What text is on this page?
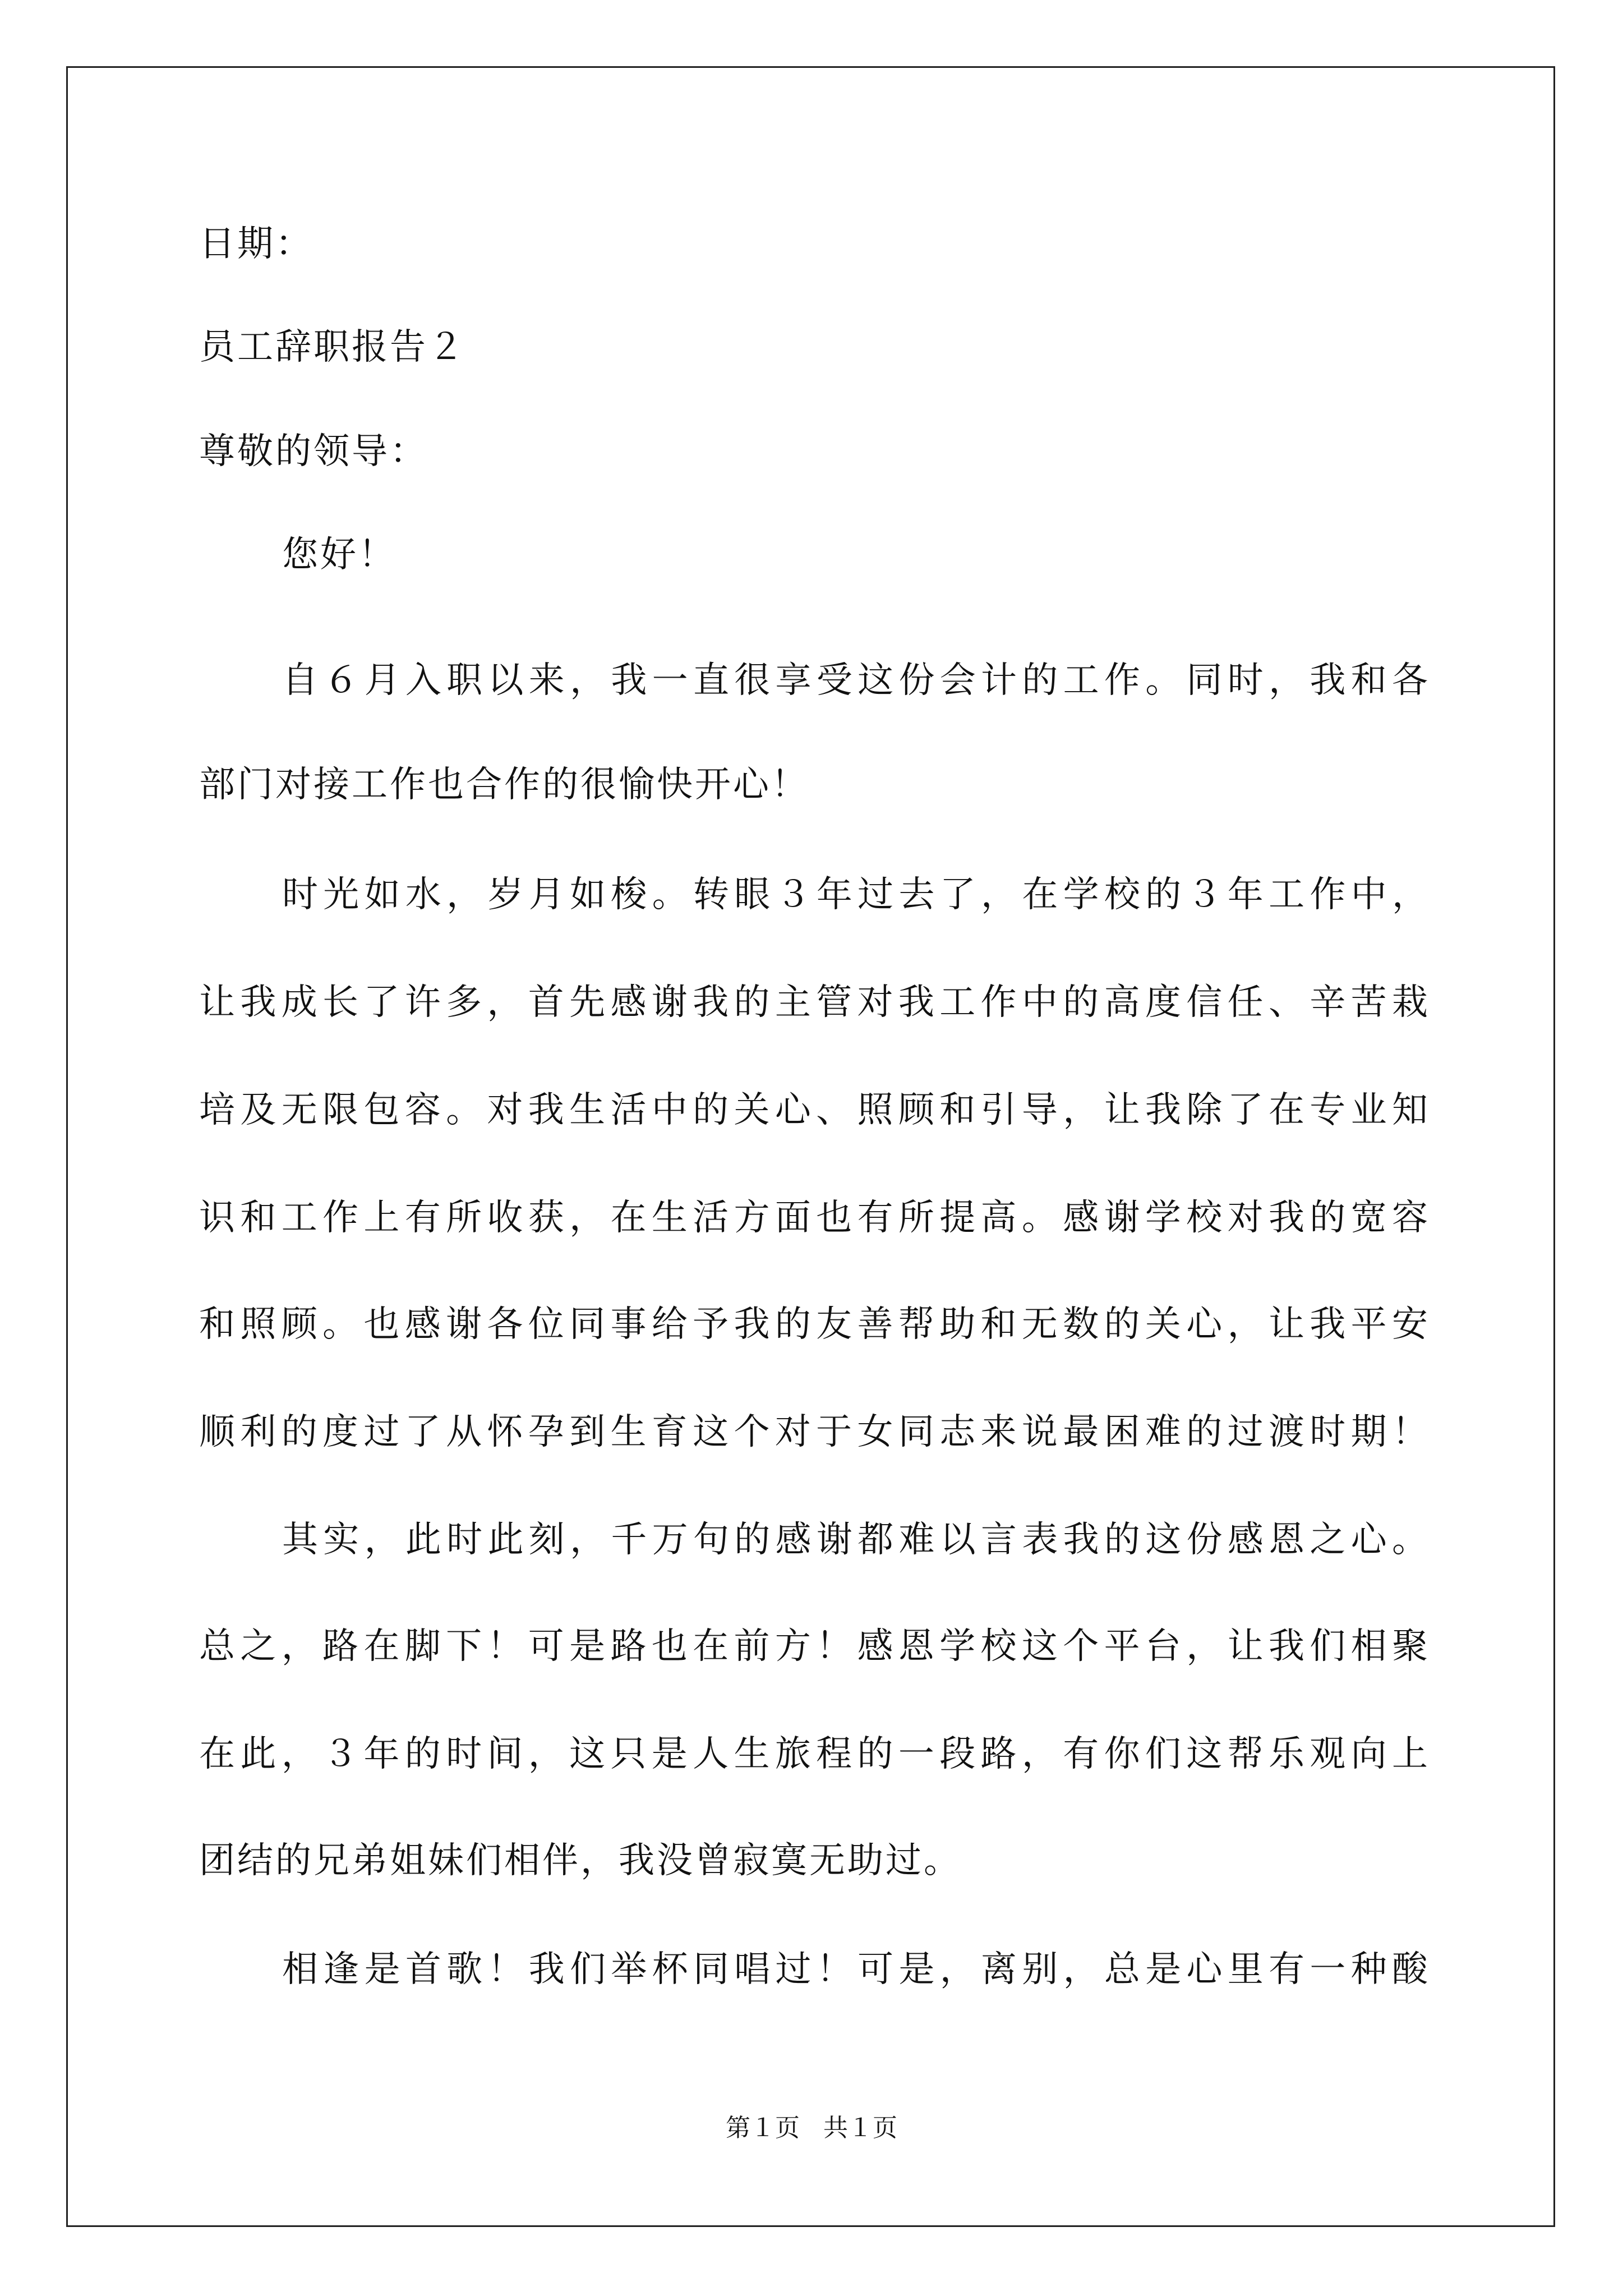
日期：
员工辞职报告２
尊敬的领导：
您好！
自６月入职以来，我一直很享受这份会计的工作。同时，我和各
部门对接工作也合作的很愉快开心！
时光如水，岁月如梭。转眼３年过去了，在学校的３年工作中，
让我成长了许多，首先感谢我的主管对我工作中的高度信任、辛苦栽
培及无限包容。对我生活中的关心、照顾和引导，让我除了在专业知
识和工作上有所收获，在生活方面也有所提高。感谢学校对我的宽容
和照顾。也感谢各位同事给予我的友善帮助和无数的关心，让我平安
顺利的度过了从怀孕到生育这个对于女同志来说最困难的过渡时期！
其实，此时此刻，千万句的感谢都难以言表我的这份感恩之心。
总之，路在脚下！可是路也在前方！感恩学校这个平台，让我们相聚
在此，３年的时间，这只是人生旅程的一段路，有你们这帮乐观向上
团结的兄弟姐妹们相伴，我没曾寂寞无助过。
相逢是首歌！我们举杯同唱过！可是，离别，总是心里有一种酸
第１页 共１页
